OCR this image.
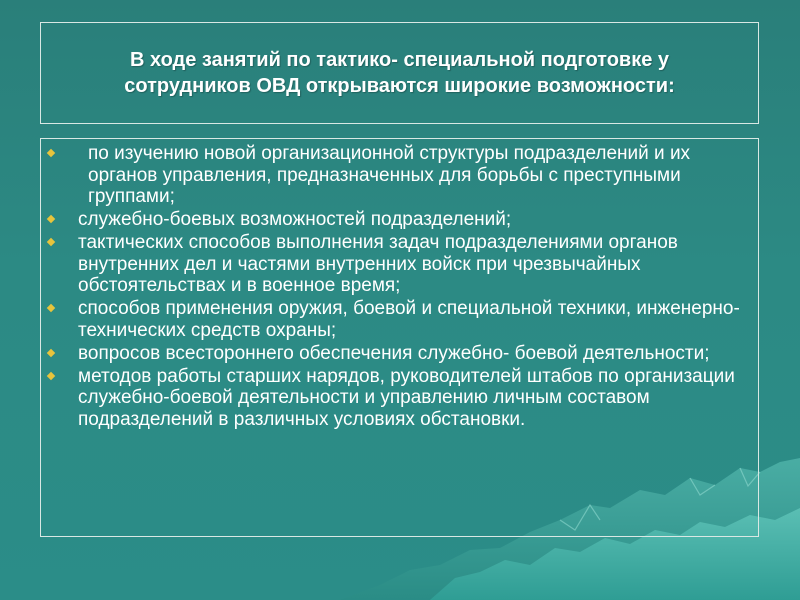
В ходе занятий по тактико- специальной подготовке у сотрудников ОВД открываются широкие возможности:

по изучению новой организационной структуры подразделений и их органов управления, предназначенных для борьбы с преступными группами;
служебно-боевых возможностей подразделений;
тактических способов выполнения задач подразделениями органов внутренних дел и частями внутренних войск при чрезвычайных обстоятельствах и в военное время;
способов применения оружия, боевой и специальной техники, инженерно-технических средств охраны;
вопросов всестороннего обеспечения служебно- боевой деятельности;
методов работы старших нарядов, руководителей штабов по организации служебно-боевой деятельности и управлению личным составом подразделений в различных условиях обстановки.
